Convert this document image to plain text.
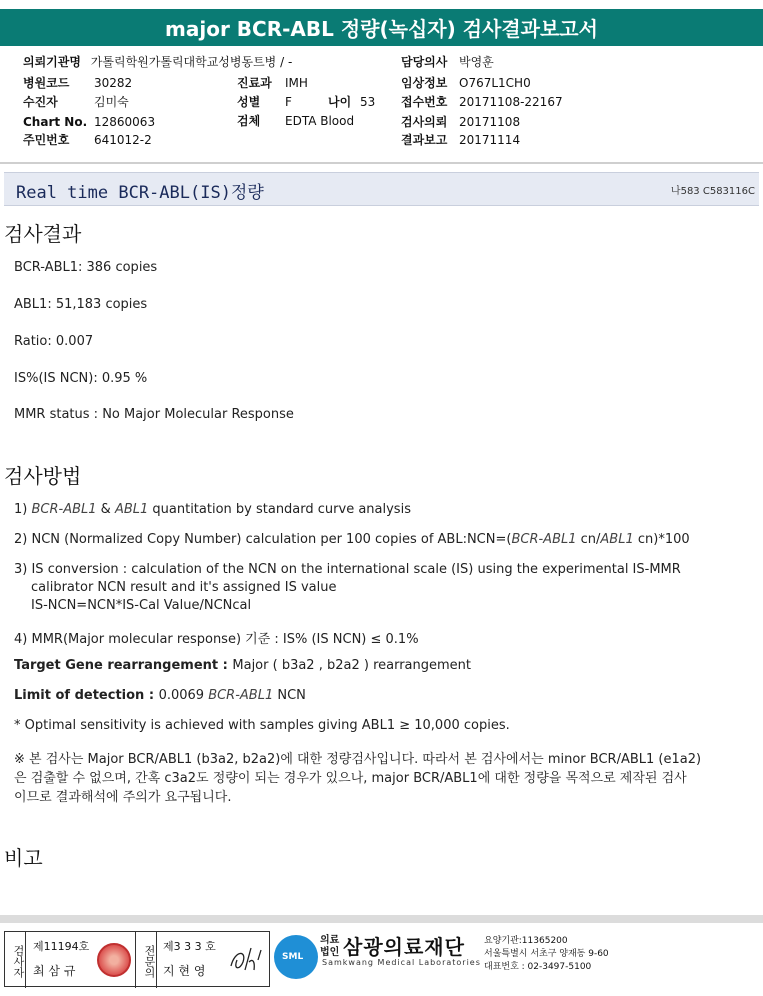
major BCR-ABL 정량(녹십자) 검사결과보고서
의뢰기관명 가톨릭학원가톨릭대학교성병동트병 / -
병원코드 30282
수진자	김미숙
Chart No. 12860063
주민번호 641012-2
진료과 IMH
성별 F	나이 53
검체 EDTA Blood
담당의사 박영훈
임상정보 O767L1CH0
접수번호 20171108-22167
검사의뢰 20171108
결과보고 20171114
Real time BCR-ABL(IS)정량	나583 C583116C
검사결과
BCR-ABL1: 386 copies
ABL1: 51,183 copies
Ratio: 0.007
IS%(IS NCN): 0.95 %
MMR status : No Major Molecular Response
검사방법
1) BCR-ABL1 & ABL1 quantitation by standard curve analysis
2) NCN (Normalized Copy Number) calculation per 100 copies of ABL:NCN=(BCR-ABL1 cn/ABL1 cn)*100
3) IS conversion : calculation of the NCN on the international scale (IS) using the experimental IS-MMR
calibrator NCN result and it's assigned IS value
IS-NCN=NCN*IS-Cal Value/NCNcal
4) MMR(Major molecular response) 기준 : IS% (IS NCN) ≤ 0.1%
Target Gene rearrangement : Major ( b3a2 , b2a2 ) rearrangement
Limit of detection : 0.0069 BCR-ABL1 NCN
* Optimal sensitivity is achieved with samples giving ABL1 ≥ 10,000 copies.
※ 본 검사는 Major BCR/ABL1 (b3a2, b2a2)에 대한 정량검사입니다. 따라서 본 검사에서는 minor BCR/ABL1 (e1a2)
은 검출할 수 없으며, 간혹 c3a2도 정량이 되는 경우가 있으나, major BCR/ABL1에 대한 정량을 목적으로 제작된 검사
이므로 결과해석에 주의가 요구됩니다.
비고
검사자 제11194호
최 삼 규	전문의 제3 3 3 호
지 현 영
SML
의료법인 삼광의료재단
Samkwang Medical Laboratories
요양기관:11365200
서울특별시 서초구 양재동 9-60
대표번호 : 02-3497-5100
